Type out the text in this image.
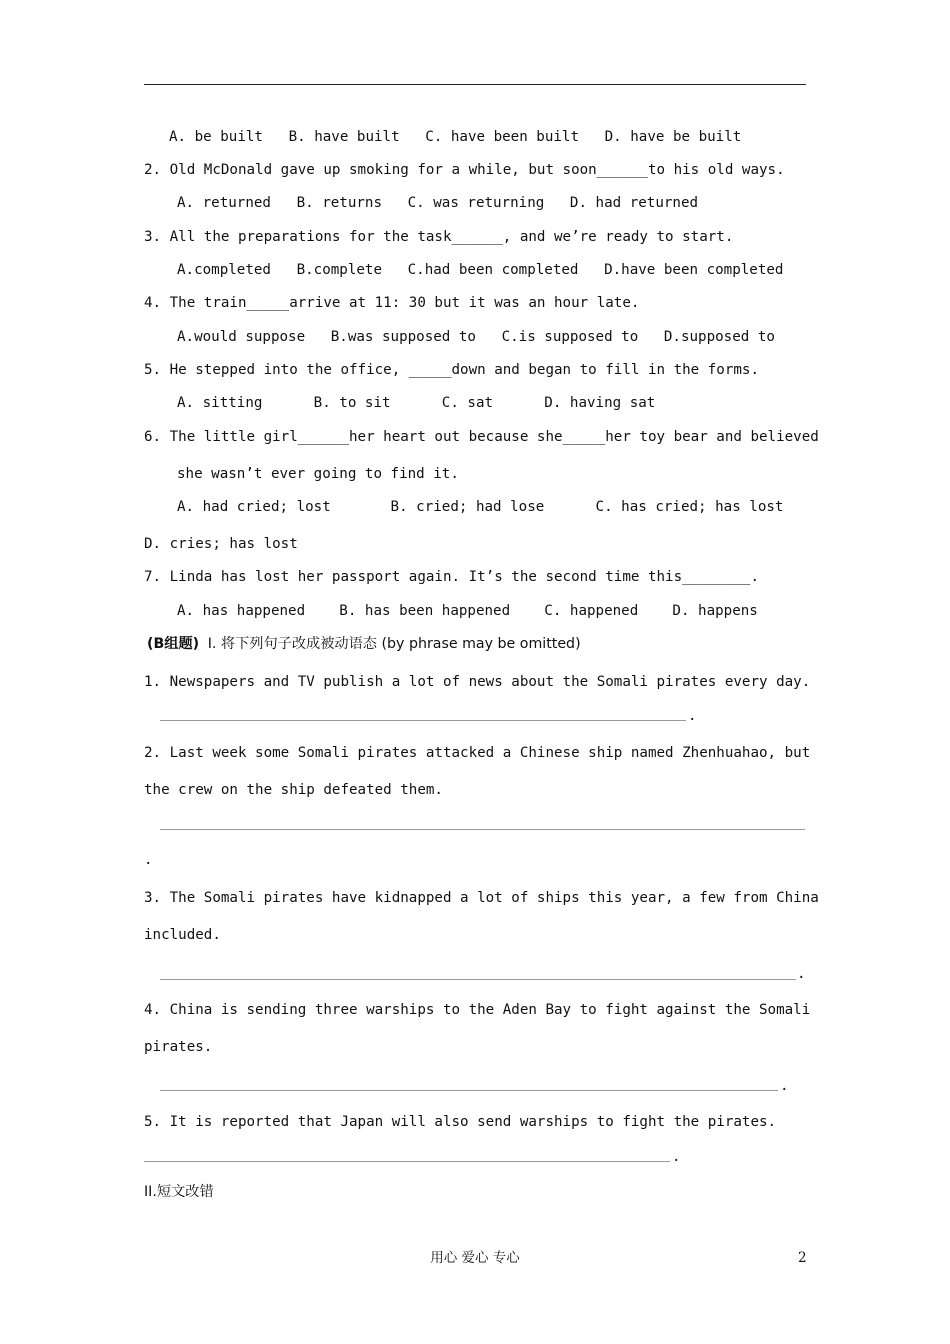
A. be built   B. have built   C. have been built   D. have be built
2. Old McDonald gave up smoking for a while, but soon______to his old ways.
A. returned   B. returns   C. was returning   D. had returned
3. All the preparations for the task______, and we’re ready to start.
A.completed   B.complete   C.had been completed   D.have been completed
4. The train_____arrive at 11: 30 but it was an hour late.
A.would suppose   B.was supposed to   C.is supposed to   D.supposed to
5. He stepped into the office, _____down and began to fill in the forms.
A. sitting      B. to sit      C. sat      D. having sat
6. The little girl______her heart out because she_____her toy bear and believed
she wasn’t ever going to find it.
A. had cried; lost       B. cried; had lose      C. has cried; has lost
D. cries; has lost
7. Linda has lost her passport again. It’s the second time this________.
A. has happened    B. has been happened    C. happened    D. happens
(B组题) I. 将下列句子改成被动语态 (by phrase may be omitted)
1. Newspapers and TV publish a lot of news about the Somali pirates every day.
.
2. Last week some Somali pirates attacked a Chinese ship named Zhenhuahao, but
the crew on the ship defeated them.
.
3. The Somali pirates have kidnapped a lot of ships this year, a few from China
included.
.
4. China is sending three warships to the Aden Bay to fight against the Somali
pirates.
.
5. It is reported that Japan will also send warships to fight the pirates.
.
II.短文改错
用心 爱心 专心	2
